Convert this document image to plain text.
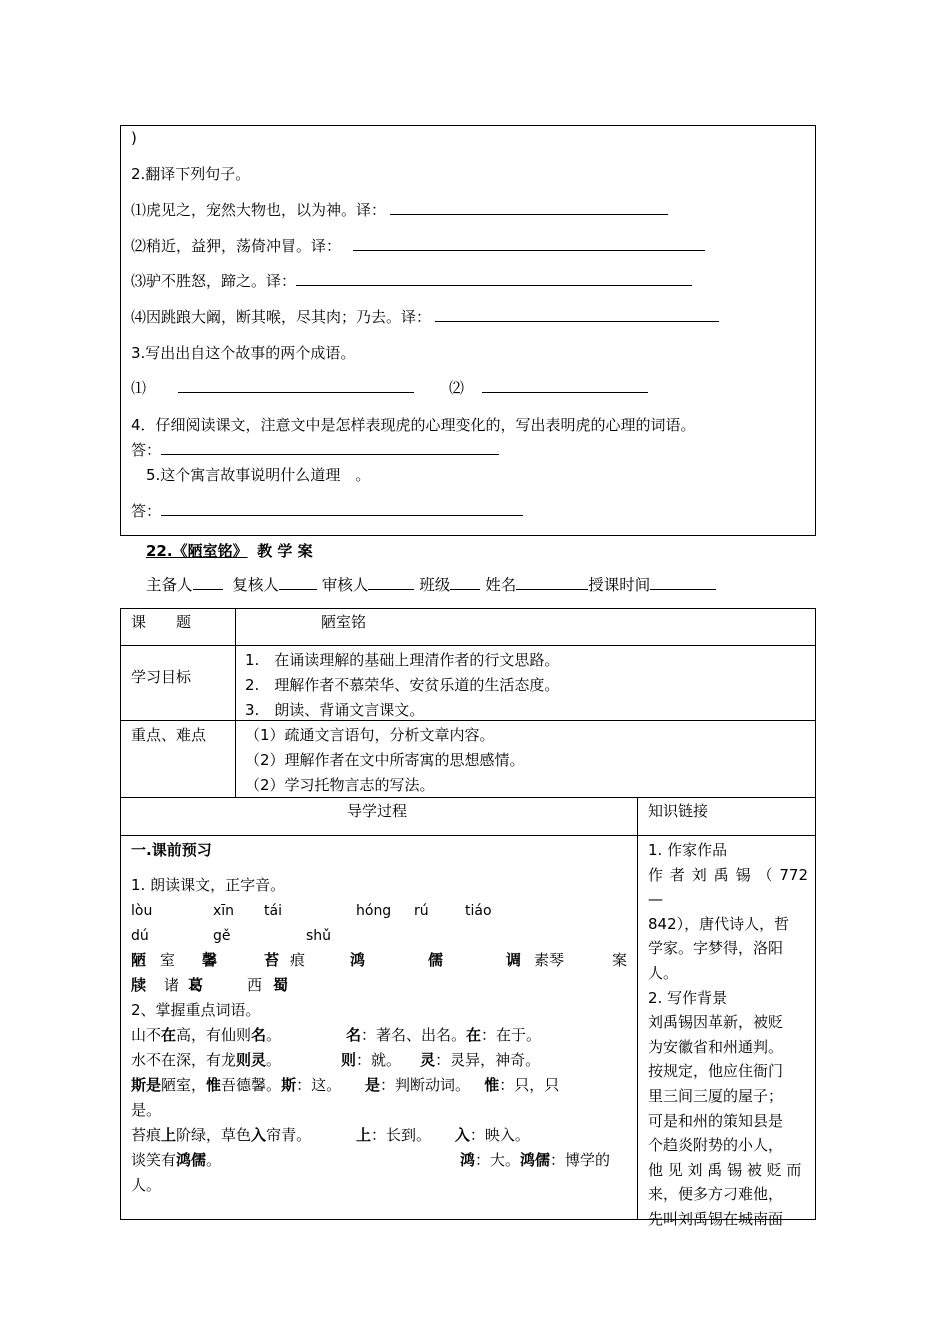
)
2.翻译下列句子。
⑴虎见之，宠然大物也，以为神。译：
⑵稍近，益狎，荡倚冲冒。译：
⑶驴不胜怒，蹄之。译：
⑷因跳踉大阚，断其喉，尽其肉；乃去。译：
3.写出出自这个故事的两个成语。
⑴	⑵
4．仔细阅读课文，注意文中是怎样表现虎的心理变化的，写出表明虎的心理的词语。
答：
5.这个寓言故事说明什么道理　。
答：
22.《陋室铭》 教 学 案
主备人	复核人	审核人	班级 姓名	授课时间
课　　题	陋室铭
学习目标
1.　在诵读理解的基础上理清作者的行文思路。
2.　理解作者不慕荣华、安贫乐道的生活态度。
3.　朗读、背诵文言课文。
重点、难点	（1）疏通文言语句，分析文章内容。
（2）理解作者在文中所寄寓的思想感情。
（2）学习托物言志的写法。
导学过程	知识链接
一.课前预习
1. 朗读课文，正字音。
lòu	xīn tái	hóng rú	tiáo
dú	gě	shǔ
陋 室 馨	苔 痕	鸿	儒	调 素琴	案
牍 诸 葛	西 蜀
2、掌握重点词语。
山不在高，有仙则名。	名：著名、出名。在：在于。
水不在深，有龙则灵。	则：就。 灵：灵异，神奇。
斯是陋室，惟吾德馨。斯：这。 是：判断动词。 惟：只，只
是。
苔痕上阶绿，草色入帘青。	上：长到。 入：映入。
谈笑有鸿儒。	鸿：大。鸿儒：博学的
人。
1. 作家作品
作 者 刘 禹 锡 （ 772—
842），唐代诗人，哲
学家。字梦得，洛阳
人。
2. 写作背景
刘禹锡因革新，被贬
为安徽省和州通判。
按规定，他应住衙门
里三间三厦的屋子；
可是和州的策知县是
个趋炎附势的小人，
他 见 刘 禹 锡 被 贬 而
来，便多方刁难他，
先叫刘禹锡在城南面
